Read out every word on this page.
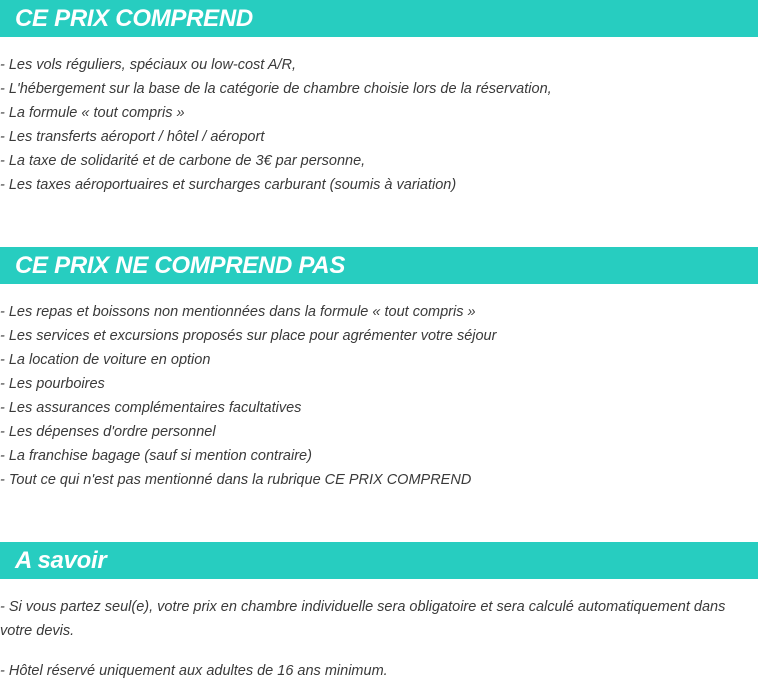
CE PRIX COMPREND
- Les vols réguliers, spéciaux ou low-cost A/R,
- L'hébergement sur la base de la catégorie de chambre choisie lors de la réservation,
- La formule « tout compris »
- Les transferts aéroport / hôtel / aéroport
- La taxe de solidarité et de carbone de 3€ par personne,
- Les taxes aéroportuaires et surcharges carburant (soumis à variation)
CE PRIX NE COMPREND PAS
- Les repas et boissons non mentionnées dans la formule « tout compris »
- Les services et excursions proposés sur place pour agrémenter votre séjour
- La location de voiture en option
- Les pourboires
- Les assurances complémentaires facultatives
- Les dépenses d'ordre personnel
- La franchise bagage (sauf si mention contraire)
- Tout ce qui n'est pas mentionné dans la rubrique CE PRIX COMPREND
A savoir

- Si vous partez seul(e), votre prix en chambre individuelle sera obligatoire et sera calculé automatiquement dans votre devis.

- Hôtel réservé uniquement aux adultes de 16 ans minimum.
